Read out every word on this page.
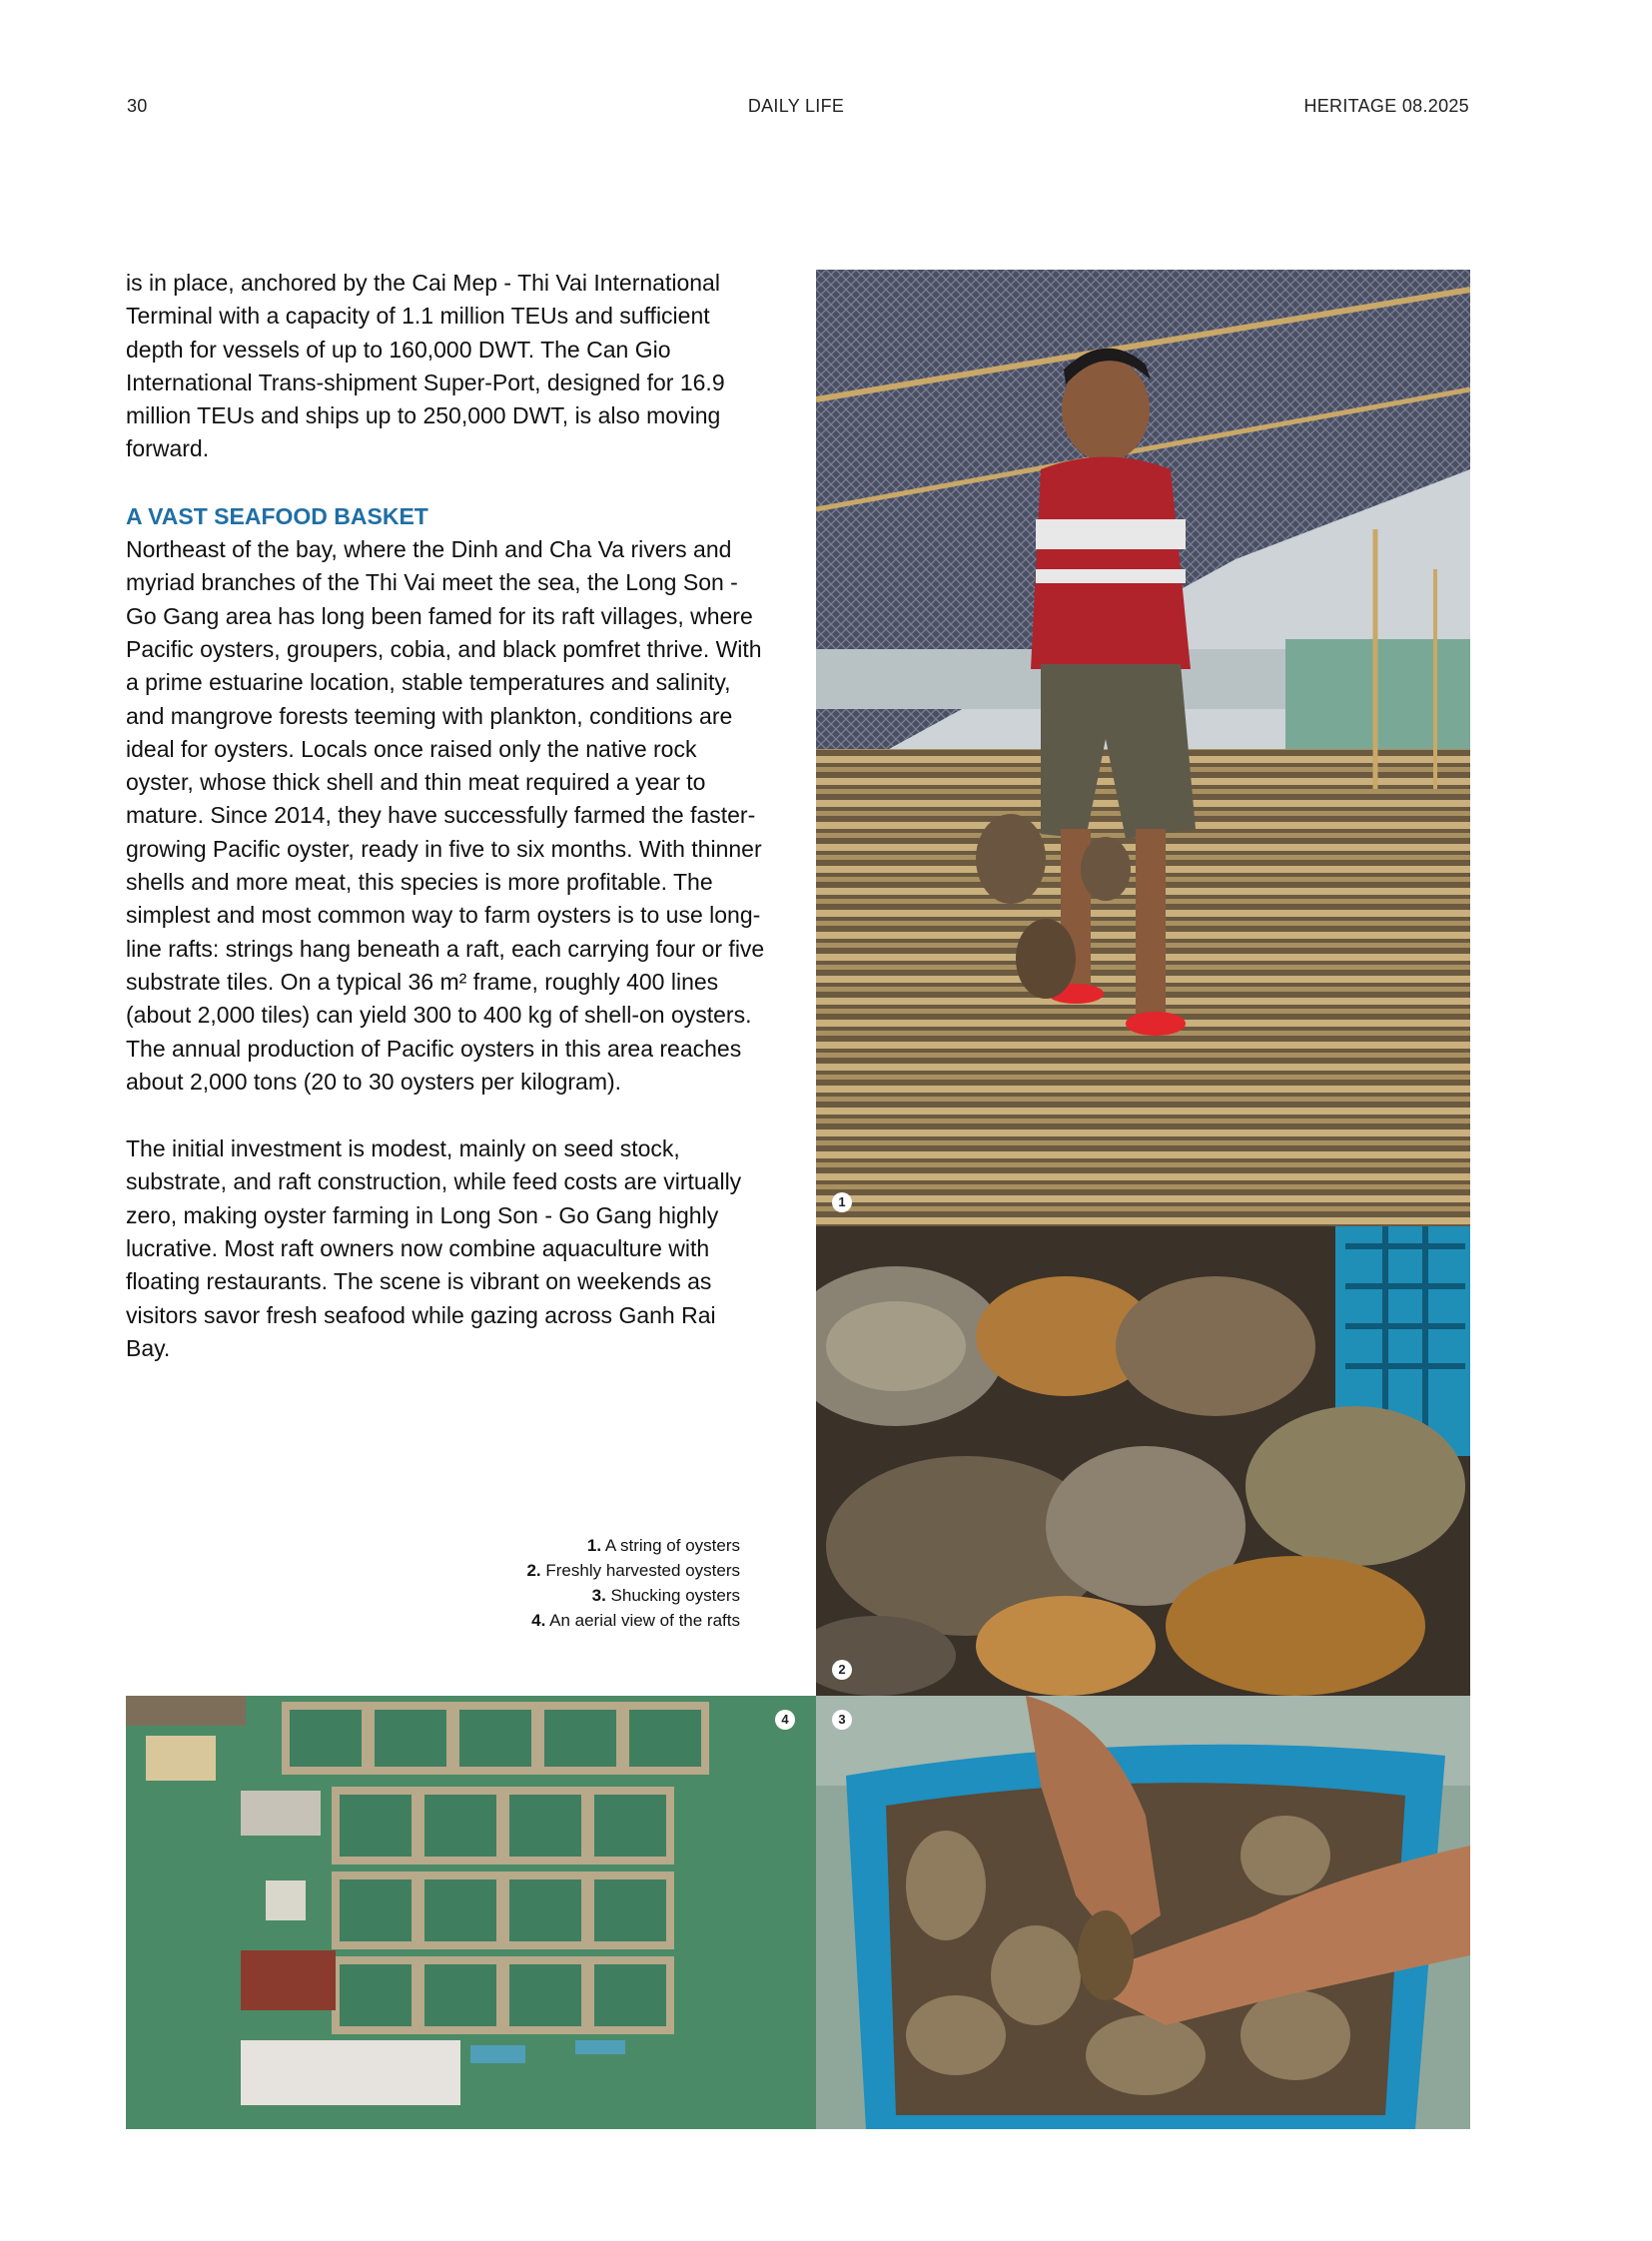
30	DAILY LIFE	HERITAGE 08.2025

is in place, anchored by the Cai Mep - Thi Vai International Terminal with a capacity of 1.1 million TEUs and sufficient depth for vessels of up to 160,000 DWT. The Can Gio International Trans-shipment Super-Port, designed for 16.9 million TEUs and ships up to 250,000 DWT, is also moving forward.

A VAST SEAFOOD BASKET

Northeast of the bay, where the Dinh and Cha Va rivers and myriad branches of the Thi Vai meet the sea, the Long Son - Go Gang area has long been famed for its raft villages, where Pacific oysters, groupers, cobia, and black pomfret thrive. With a prime estuarine location, stable temperatures and salinity, and mangrove forests teeming with plankton, conditions are ideal for oysters. Locals once raised only the native rock oyster, whose thick shell and thin meat required a year to mature. Since 2014, they have successfully farmed the faster-growing Pacific oyster, ready in five to six months. With thinner shells and more meat, this species is more profitable. The simplest and most common way to farm oysters is to use long-line rafts: strings hang beneath a raft, each carrying four or five substrate tiles. On a typical 36 m² frame, roughly 400 lines (about 2,000 tiles) can yield 300 to 400 kg of shell-on oysters. The annual production of Pacific oysters in this area reaches about 2,000 tons (20 to 30 oysters per kilogram).

The initial investment is modest, mainly on seed stock, substrate, and raft construction, while feed costs are virtually zero, making oyster farming in Long Son - Go Gang highly lucrative. Most raft owners now combine aquaculture with floating restaurants. The scene is vibrant on weekends as visitors savor fresh seafood while gazing across Ganh Rai Bay.

1. A string of oysters
2. Freshly harvested oysters
3. Shucking oysters
4. An aerial view of the rafts
1
2
4	3
